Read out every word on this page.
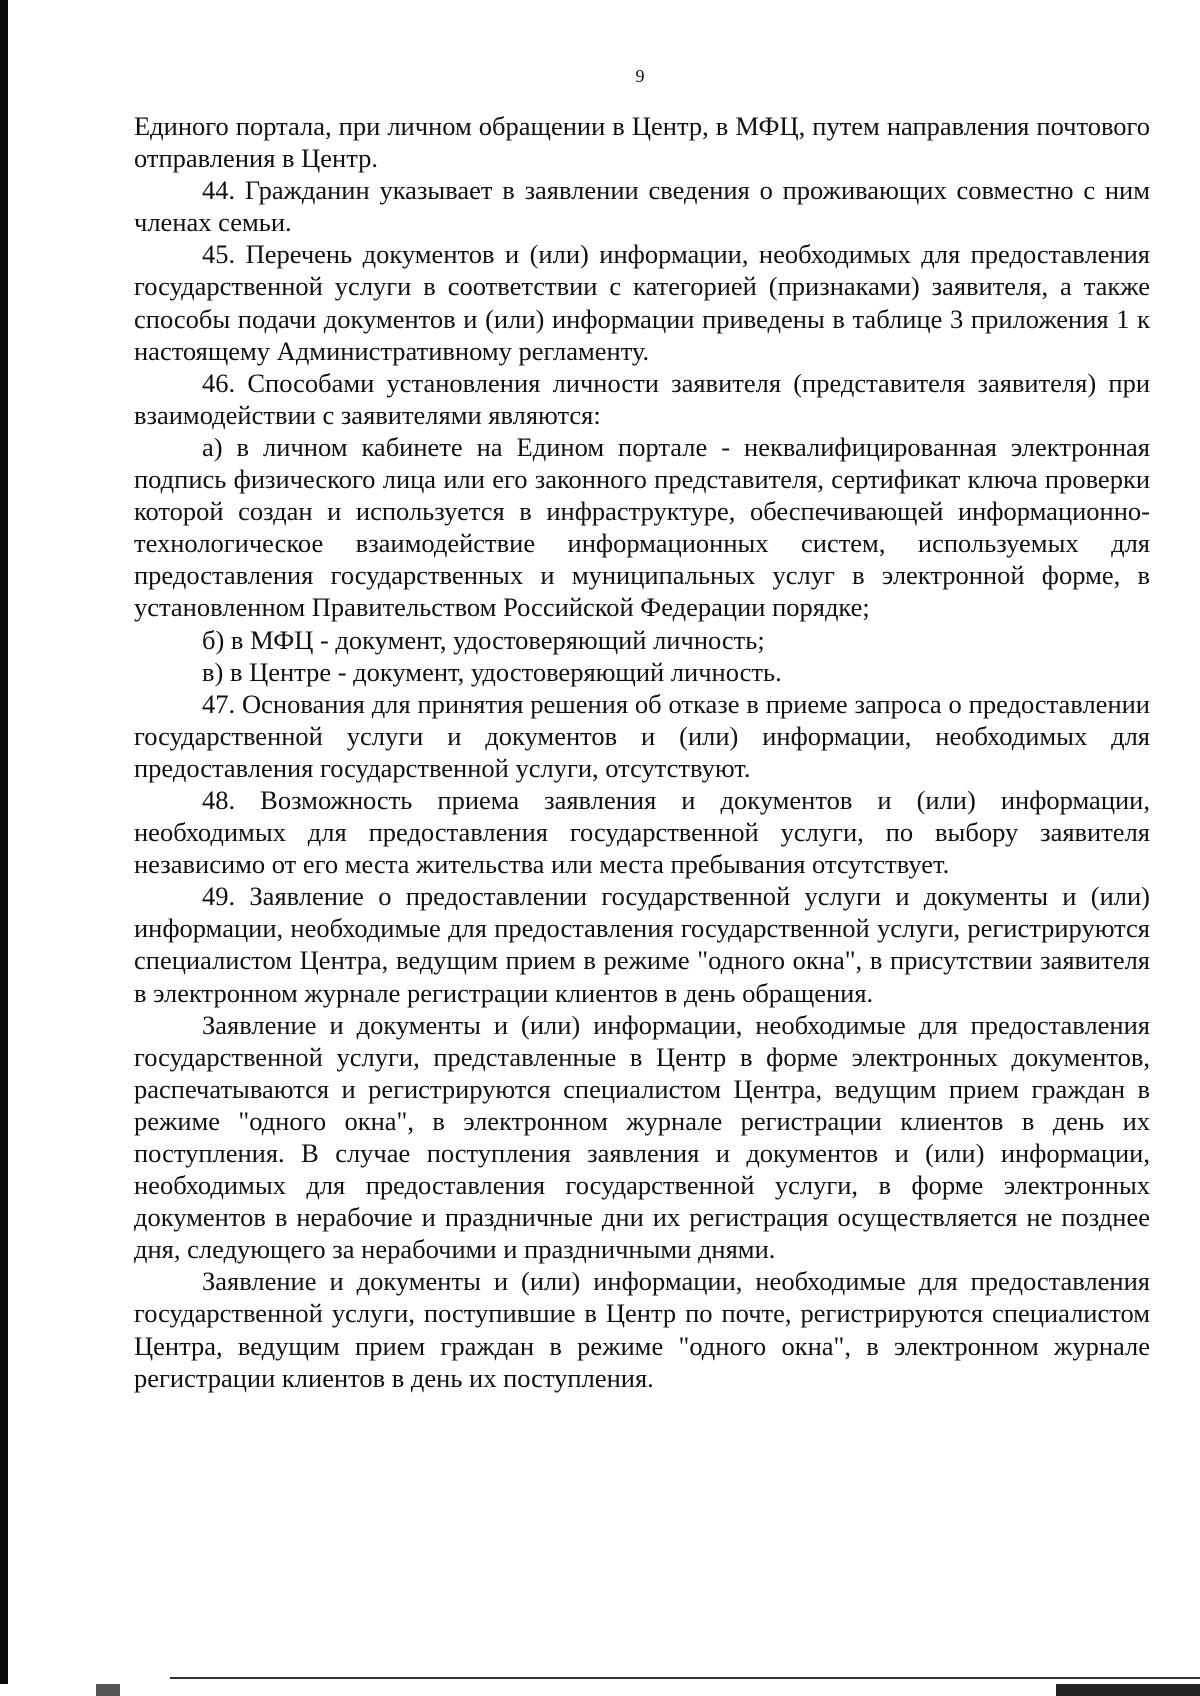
9

Единого портала, при личном обращении в Центр, в МФЦ, путем направления почтового отправления в Центр.

44. Гражданин указывает в заявлении сведения о проживающих совместно с ним членах семьи.

45. Перечень документов и (или) информации, необходимых для предоставления государственной услуги в соответствии с категорией (признаками) заявителя, а также способы подачи документов и (или) информации приведены в таблице 3 приложения 1 к настоящему Административному регламенту.

46. Способами установления личности заявителя (представителя заявителя) при взаимодействии с заявителями являются:

а) в личном кабинете на Едином портале - неквалифицированная электронная подпись физического лица или его законного представителя, сертификат ключа проверки которой создан и используется в инфраструктуре, обеспечивающей информационно-технологическое взаимодействие информационных систем, используемых для предоставления государственных и муниципальных услуг в электронной форме, в установленном Правительством Российской Федерации порядке;

б) в МФЦ - документ, удостоверяющий личность;

в) в Центре - документ, удостоверяющий личность.

47. Основания для принятия решения об отказе в приеме запроса о предоставлении государственной услуги и документов и (или) информации, необходимых для предоставления государственной услуги, отсутствуют.

48. Возможность приема заявления и документов и (или) информации, необходимых для предоставления государственной услуги, по выбору заявителя независимо от его места жительства или места пребывания отсутствует.

49. Заявление о предоставлении государственной услуги и документы и (или) информации, необходимые для предоставления государственной услуги, регистрируются специалистом Центра, ведущим прием в режиме "одного окна", в присутствии заявителя в электронном журнале регистрации клиентов в день обращения.

Заявление и документы и (или) информации, необходимые для предоставления государственной услуги, представленные в Центр в форме электронных документов, распечатываются и регистрируются специалистом Центра, ведущим прием граждан в режиме "одного окна", в электронном журнале регистрации клиентов в день их поступления. В случае поступления заявления и документов и (или) информации, необходимых для предоставления государственной услуги, в форме электронных документов в нерабочие и праздничные дни их регистрация осуществляется не позднее дня, следующего за нерабочими и праздничными днями.

Заявление и документы и (или) информации, необходимые для предоставления государственной услуги, поступившие в Центр по почте, регистрируются специалистом Центра, ведущим прием граждан в режиме "одного окна", в электронном журнале регистрации клиентов в день их поступления.
